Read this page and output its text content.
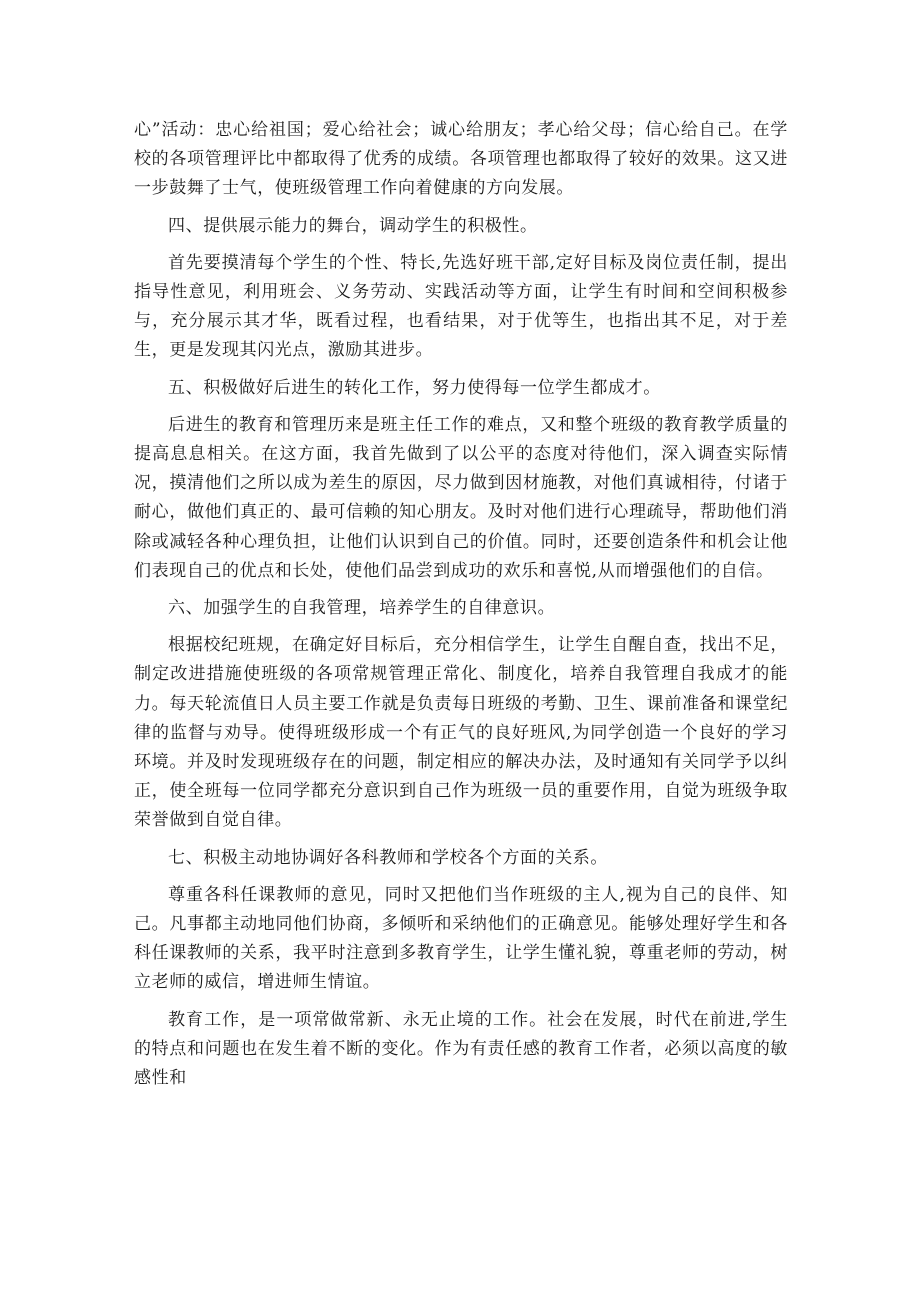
心”活动：忠心给祖国；爱心给社会；诚心给朋友；孝心给父母；信心给自己。在学校的各项管理评比中都取得了优秀的成绩。各项管理也都取得了较好的效果。这又进一步鼓舞了士气，使班级管理工作向着健康的方向发展。

四、提供展示能力的舞台，调动学生的积极性。

首先要摸清每个学生的个性、特长,先选好班干部,定好目标及岗位责任制，提出指导性意见，利用班会、义务劳动、实践活动等方面，让学生有时间和空间积极参与，充分展示其才华，既看过程，也看结果，对于优等生，也指出其不足，对于差生，更是发现其闪光点，激励其进步。

五、积极做好后进生的转化工作，努力使得每一位学生都成才。

后进生的教育和管理历来是班主任工作的难点，又和整个班级的教育教学质量的提高息息相关。在这方面，我首先做到了以公平的态度对待他们，深入调查实际情况，摸清他们之所以成为差生的原因，尽力做到因材施教，对他们真诚相待，付诸于耐心，做他们真正的、最可信赖的知心朋友。及时对他们进行心理疏导，帮助他们消除或减轻各种心理负担，让他们认识到自己的价值。同时，还要创造条件和机会让他们表现自己的优点和长处，使他们品尝到成功的欢乐和喜悦,从而增强他们的自信。

六、加强学生的自我管理，培养学生的自律意识。

根据校纪班规，在确定好目标后，充分相信学生，让学生自醒自查，找出不足，制定改进措施使班级的各项常规管理正常化、制度化，培养自我管理自我成才的能力。每天轮流值日人员主要工作就是负责每日班级的考勤、卫生、课前准备和课堂纪律的监督与劝导。使得班级形成一个有正气的良好班风,为同学创造一个良好的学习环境。并及时发现班级存在的问题，制定相应的解决办法，及时通知有关同学予以纠正，使全班每一位同学都充分意识到自己作为班级一员的重要作用，自觉为班级争取荣誉做到自觉自律。

七、积极主动地协调好各科教师和学校各个方面的关系。

尊重各科任课教师的意见，同时又把他们当作班级的主人,视为自己的良伴、知己。凡事都主动地同他们协商，多倾听和采纳他们的正确意见。能够处理好学生和各科任课教师的关系，我平时注意到多教育学生，让学生懂礼貌，尊重老师的劳动，树立老师的威信，增进师生情谊。

教育工作，是一项常做常新、永无止境的工作。社会在发展，时代在前进,学生的特点和问题也在发生着不断的变化。作为有责任感的教育工作者，必须以高度的敏感性和
